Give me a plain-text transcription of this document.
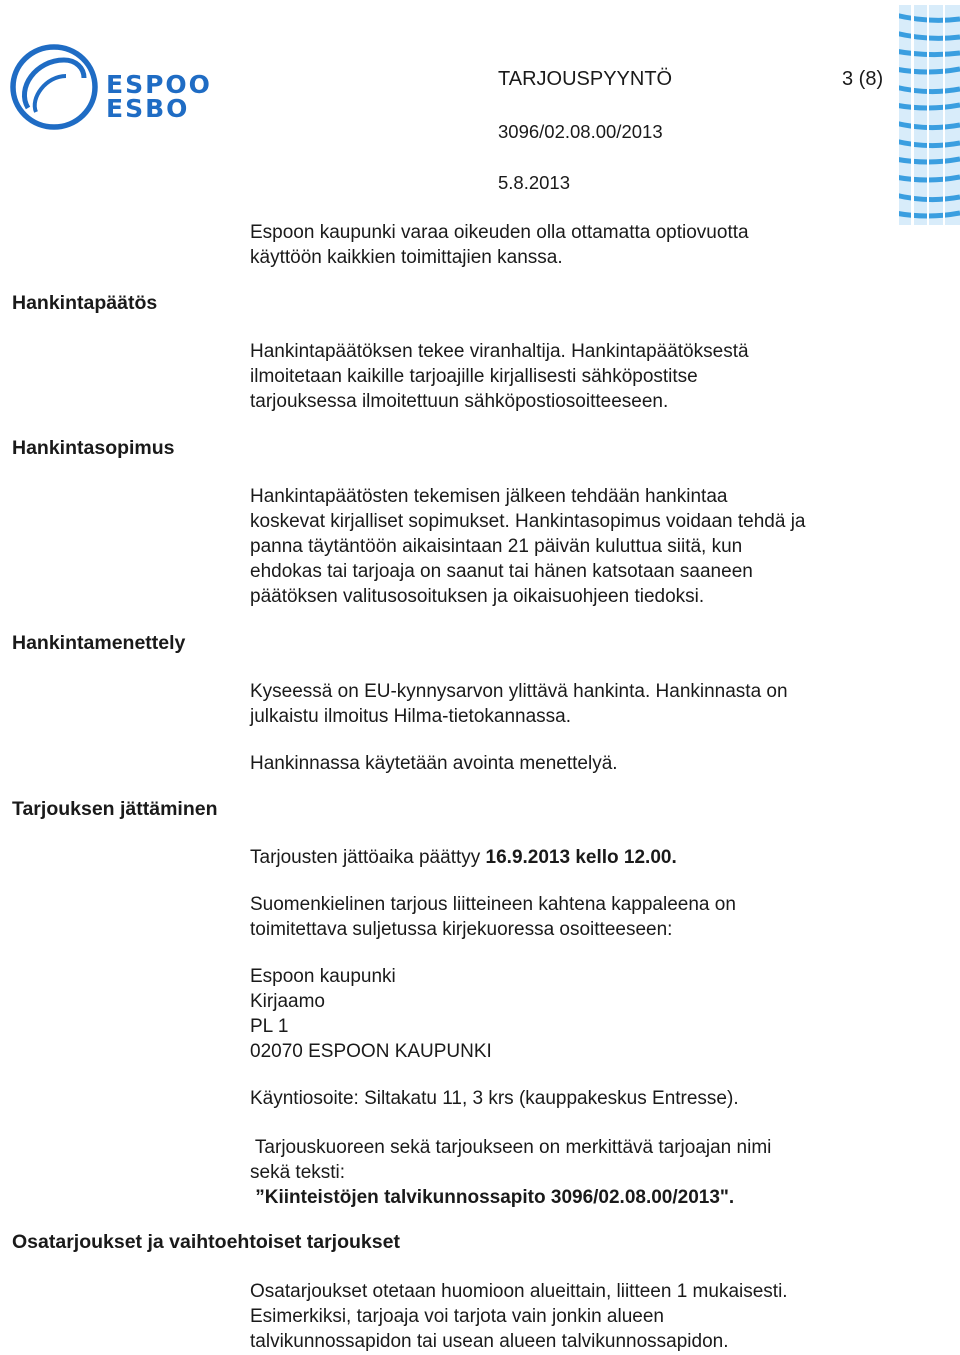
ESPOO
ESBO
TARJOUSPYYNTÖ	3 (8)
3096/02.08.00/2013
5.8.2013
Hankintapäätös
Hankintasopimus
Hankintamenettely
Tarjouksen jättäminen
Osatarjoukset ja vaihtoehtoiset tarjoukset

Espoon kaupunki varaa oikeuden olla ottamatta optiovuotta

käyttöön kaikkien toimittajien kanssa.

Hankintapäätöksen tekee viranhaltija. Hankintapäätöksestä

ilmoitetaan kaikille tarjoajille kirjallisesti sähköpostitse

tarjouksessa ilmoitettuun sähköpostiosoitteeseen.

Hankintapäätösten tekemisen jälkeen tehdään hankintaa

koskevat kirjalliset sopimukset. Hankintasopimus voidaan tehdä ja

panna täytäntöön aikaisintaan 21 päivän kuluttua siitä, kun

ehdokas tai tarjoaja on saanut tai hänen katsotaan saaneen

päätöksen valitusosoituksen ja oikaisuohjeen tiedoksi.

Kyseessä on EU-kynnysarvon ylittävä hankinta. Hankinnasta on

julkaistu ilmoitus Hilma-tietokannassa.

Hankinnassa käytetään avointa menettelyä.

Tarjousten jättöaika päättyy 16.9.2013 kello 12.00.

Suomenkielinen tarjous liitteineen kahtena kappaleena on

toimitettava suljetussa kirjekuoressa osoitteeseen:

Espoon kaupunki

Kirjaamo

PL 1

02070 ESPOON KAUPUNKI

Käyntiosoite: Siltakatu 11, 3 krs (kauppakeskus Entresse).

Tarjouskuoreen sekä tarjoukseen on merkittävä tarjoajan nimi

sekä teksti:

”Kiinteistöjen talvikunnossapito 3096/02.08.00/2013".

Osatarjoukset otetaan huomioon alueittain, liitteen 1 mukaisesti.

Esimerkiksi, tarjoaja voi tarjota vain jonkin alueen

talvikunnossapidon tai usean alueen talvikunnossapidon.
